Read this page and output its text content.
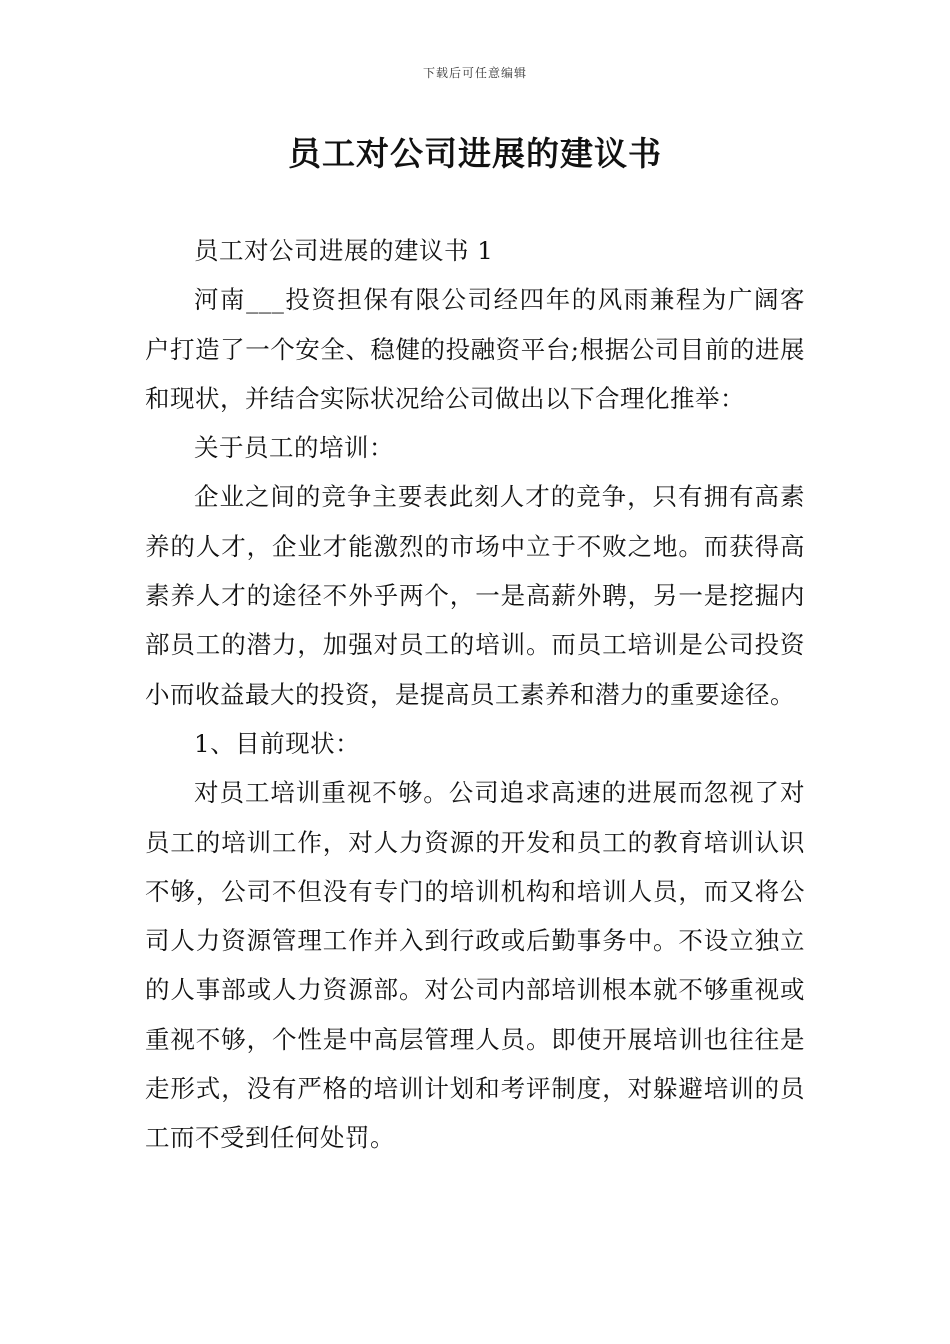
下载后可任意编辑
员工对公司进展的建议书

员工对公司进展的建议书 1

河南___投资担保有限公司经四年的风雨兼程为广阔客户打造了一个安全、稳健的投融资平台;根据公司目前的进展和现状，并结合实际状况给公司做出以下合理化推举：

关于员工的培训：

企业之间的竞争主要表此刻人才的竞争，只有拥有高素养的人才，企业才能激烈的市场中立于不败之地。而获得高素养人才的途径不外乎两个，一是高薪外聘，另一是挖掘内部员工的潜力，加强对员工的培训。而员工培训是公司投资小而收益最大的投资，是提高员工素养和潜力的重要途径。

1、目前现状：

对员工培训重视不够。公司追求高速的进展而忽视了对员工的培训工作，对人力资源的开发和员工的教育培训认识不够，公司不但没有专门的培训机构和培训人员，而又将公司人力资源管理工作并入到行政或后勤事务中。不设立独立的人事部或人力资源部。对公司内部培训根本就不够重视或重视不够，个性是中高层管理人员。即使开展培训也往往是走形式，没有严格的培训计划和考评制度，对躲避培训的员工而不受到任何处罚。
